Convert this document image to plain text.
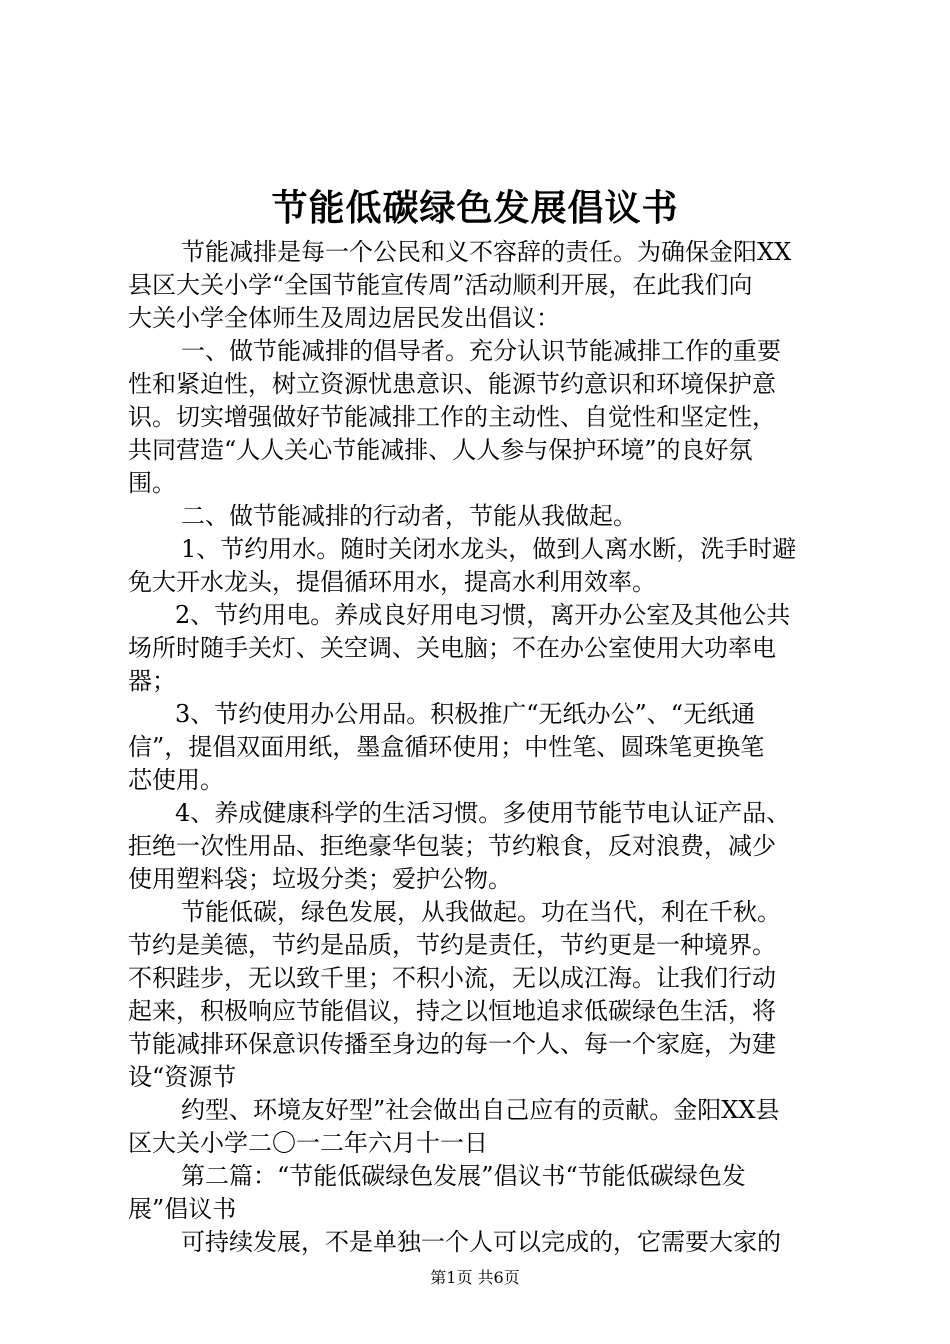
节能低碳绿色发展倡议书
节能减排是每一个公民和义不容辞的责任。为确保金阳XX
县区大关小学“全国节能宣传周”活动顺利开展，在此我们向
大关小学全体师生及周边居民发出倡议：
一、做节能减排的倡导者。充分认识节能减排工作的重要
性和紧迫性，树立资源忧患意识、能源节约意识和环境保护意
识。切实增强做好节能减排工作的主动性、自觉性和坚定性，
共同营造“人人关心节能减排、人人参与保护环境”的良好氛
围。
二、做节能减排的行动者，节能从我做起。
1、节约用水。随时关闭水龙头，做到人离水断，洗手时避
免大开水龙头，提倡循环用水，提高水利用效率。
2、节约用电。养成良好用电习惯，离开办公室及其他公共
场所时随手关灯、关空调、关电脑；不在办公室使用大功率电
器；
3、节约使用办公用品。积极推广“无纸办公”、“无纸通
信”，提倡双面用纸，墨盒循环使用；中性笔、圆珠笔更换笔
芯使用。
4、养成健康科学的生活习惯。多使用节能节电认证产品、
拒绝一次性用品、拒绝豪华包装；节约粮食，反对浪费，减少
使用塑料袋；垃圾分类；爱护公物。
节能低碳，绿色发展，从我做起。功在当代，利在千秋。
节约是美德，节约是品质，节约是责任，节约更是一种境界。
不积跬步，无以致千里；不积小流，无以成江海。让我们行动
起来，积极响应节能倡议，持之以恒地追求低碳绿色生活，将
节能减排环保意识传播至身边的每一个人、每一个家庭，为建
设“资源节
约型、环境友好型”社会做出自己应有的贡献。金阳XX县
区大关小学二〇一二年六月十一日
第二篇：“节能低碳绿色发展”倡议书“节能低碳绿色发
展”倡议书
可持续发展，不是单独一个人可以完成的，它需要大家的
第1页 共6页
